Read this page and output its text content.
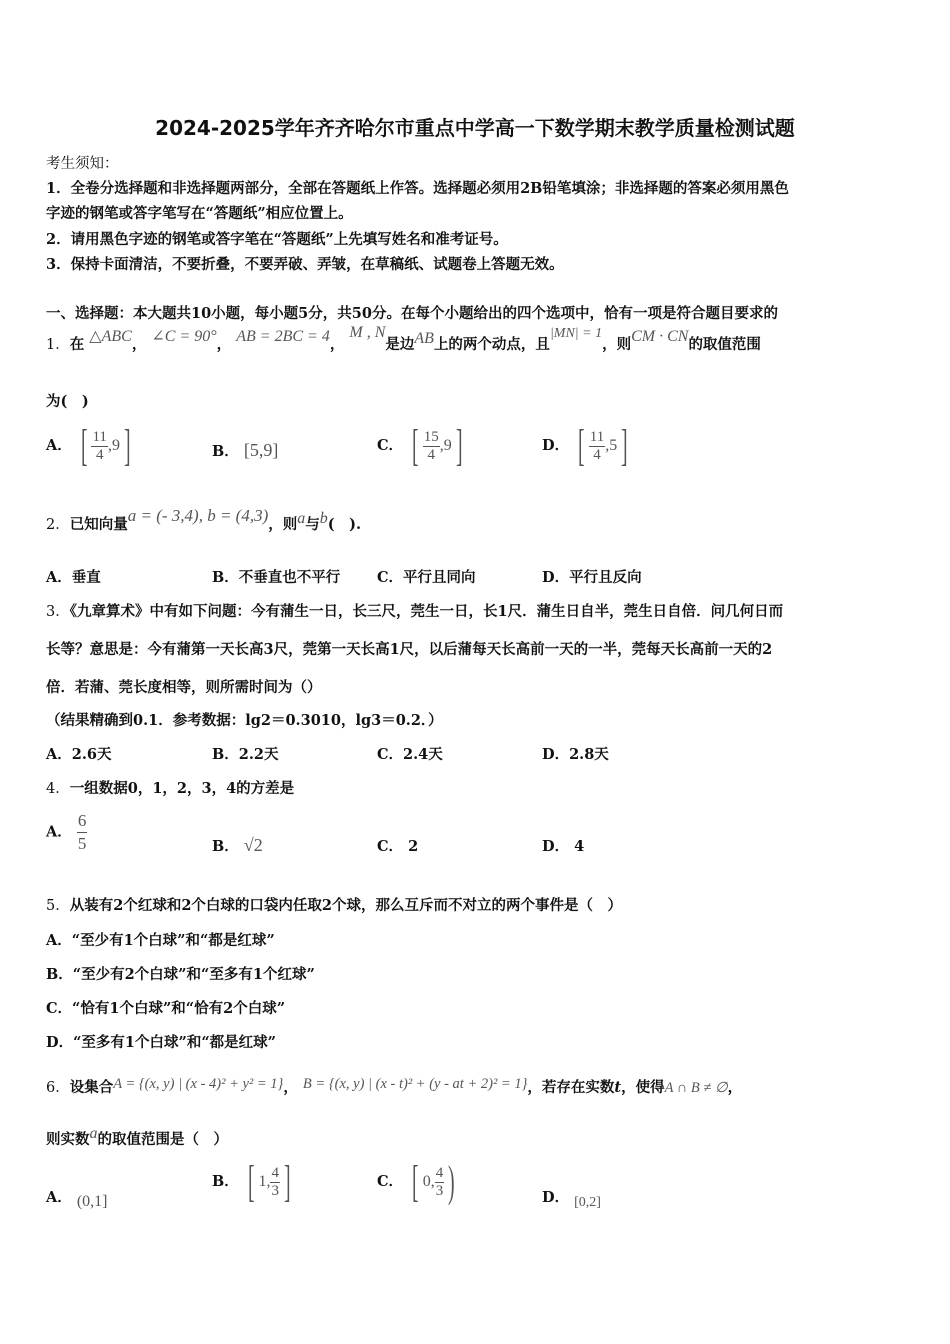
2024-2025学年齐齐哈尔市重点中学高一下数学期末教学质量检测试题
考生须知：
1．全卷分选择题和非选择题两部分，全部在答题纸上作答。选择题必须用2B铅笔填涂；非选择题的答案必须用黑色
字迹的钢笔或答字笔写在“答题纸”相应位置上。
2．请用黑色字迹的钢笔或答字笔在“答题纸”上先填写姓名和准考证号。
3．保持卡面清洁，不要折叠，不要弄破、弄皱，在草稿纸、试题卷上答题无效。
一、选择题：本大题共10小题，每小题5分，共50分。在每个小题给出的四个选项中，恰有一项是符合题目要求的
1．在 △ABC， ∠C = 90°， AB = 2BC = 4， M , N是边AB上的两个动点，且|MN| = 1，则CM · CN的取值范围
为(　)
A． [ $\frac{11}{4} ,9$]	B． [5,9]	C． [ $\frac{15}{4} ,9$]	D． [ $\frac{11}{4} ,5$]
2．已知向量a = (- 3,4), b = (4,3)，则a与b(　).
A．垂直	B．不垂直也不平行	C．平行且同向	D．平行且反向
3．《九章算术》中有如下问题：今有蒲生一日，长三尺，莞生一日，长1尺．蒲生日自半，莞生日自倍．问几何日而
长等？意思是：今有蒲第一天长高3尺，莞第一天长高1尺，以后蒲每天长高前一天的一半，莞每天长高前一天的2
倍．若蒲、莞长度相等，则所需时间为（）
（结果精确到0.1．参考数据：lg2＝0.3010，lg3＝0.2．）
A．2.6天	B．2.2天	C．2.4天	D．2.8天
4．一组数据0，1，2，3，4的方差是
A． $\frac{6}{5}$	B． √2	C． 2	D． 4
5．从装有2个红球和2个白球的口袋内任取2个球，那么互斥而不对立的两个事件是（　）
A．“至少有1个白球”和“都是红球”
B．“至少有2个白球”和“至多有1个红球”
C．“恰有1个白球”和“恰有2个白球”
D．“至多有1个白球”和“都是红球”
6．设集合A = {(x, y) | (x - 4)² + y² = 1}， B = {(x, y) | (x - t)² + (y - at + 2)² = 1}，若存在实数t，使得A ∩ B ≠ ∅，
则实数a的取值范围是（　）
A． (0,1]
B． [ 1, $\frac{4}{3}$ ]	C． [ 0, $\frac{4}{3}$ )	D． [0,2]
